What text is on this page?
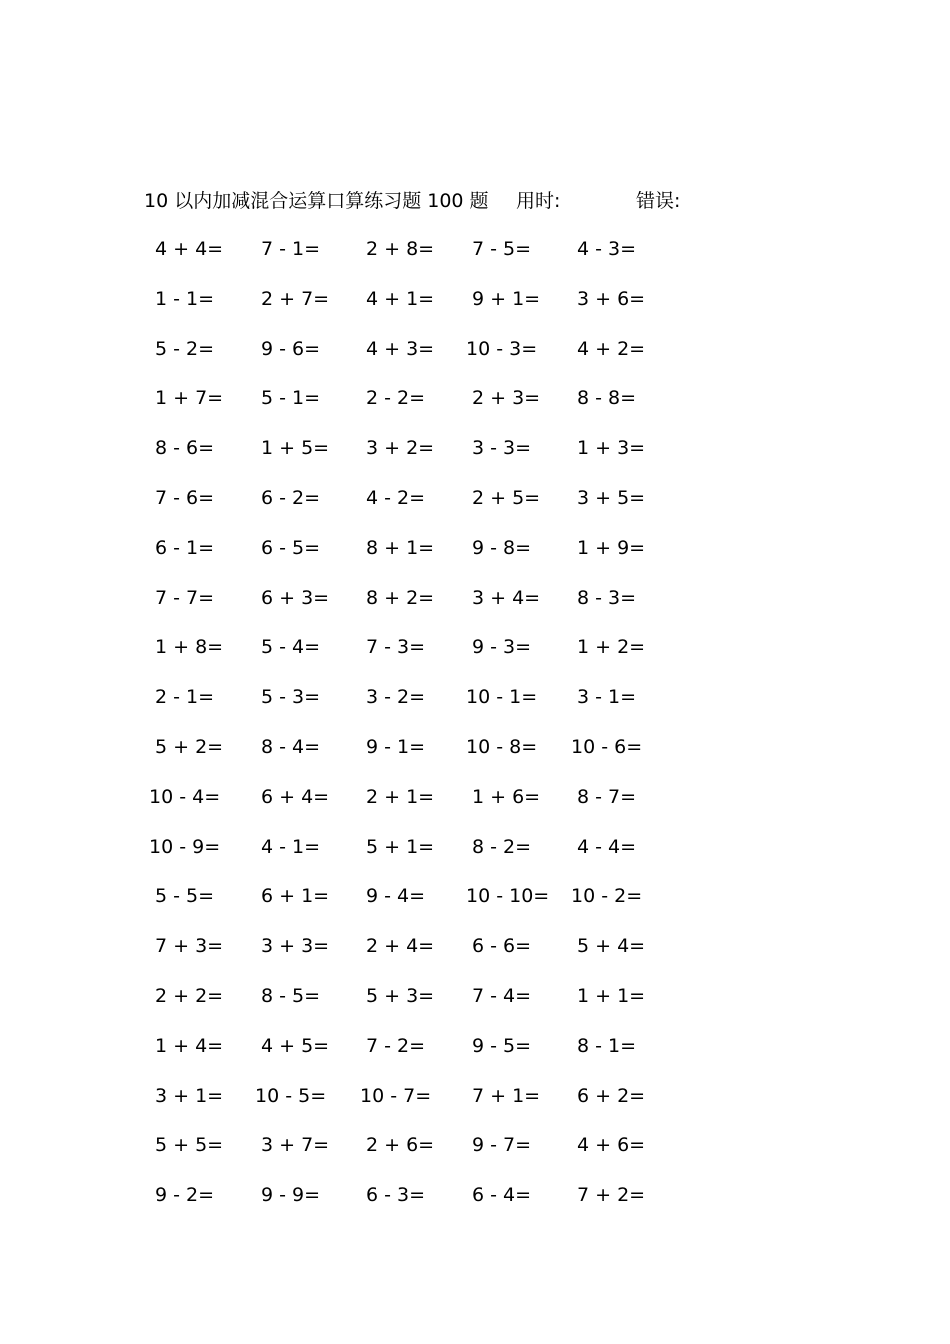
10 以内加减混合运算口算练习题 100 题 用时:	错误:
4 + 4= 7 - 1= 2 + 8= 7 - 5= 4 - 3=
1 - 1= 2 + 7= 4 + 1= 9 + 1= 3 + 6=
5 - 2= 9 - 6= 4 + 3= 10 - 3= 4 + 2=
1 + 7= 5 - 1= 2 - 2= 2 + 3= 8 - 8=
8 - 6= 1 + 5= 3 + 2= 3 - 3= 1 + 3=
7 - 6= 6 - 2= 4 - 2= 2 + 5= 3 + 5=
6 - 1= 6 - 5= 8 + 1= 9 - 8= 1 + 9=
7 - 7= 6 + 3= 8 + 2= 3 + 4= 8 - 3=
1 + 8= 5 - 4= 7 - 3= 9 - 3= 1 + 2=
2 - 1= 5 - 3= 3 - 2= 10 - 1= 3 - 1=
5 + 2= 8 - 4= 9 - 1= 10 - 8= 10 - 6=
10 - 4= 6 + 4= 2 + 1= 1 + 6= 8 - 7=
10 - 9= 4 - 1= 5 + 1= 8 - 2= 4 - 4=
5 - 5= 6 + 1= 9 - 4= 10 - 10= 10 - 2=
7 + 3= 3 + 3= 2 + 4= 6 - 6= 5 + 4=
2 + 2= 8 - 5= 5 + 3= 7 - 4= 1 + 1=
1 + 4= 4 + 5= 7 - 2= 9 - 5= 8 - 1=
3 + 1= 10 - 5= 10 - 7= 7 + 1= 6 + 2=
5 + 5= 3 + 7= 2 + 6= 9 - 7= 4 + 6=
9 - 2= 9 - 9= 6 - 3= 6 - 4= 7 + 2=
